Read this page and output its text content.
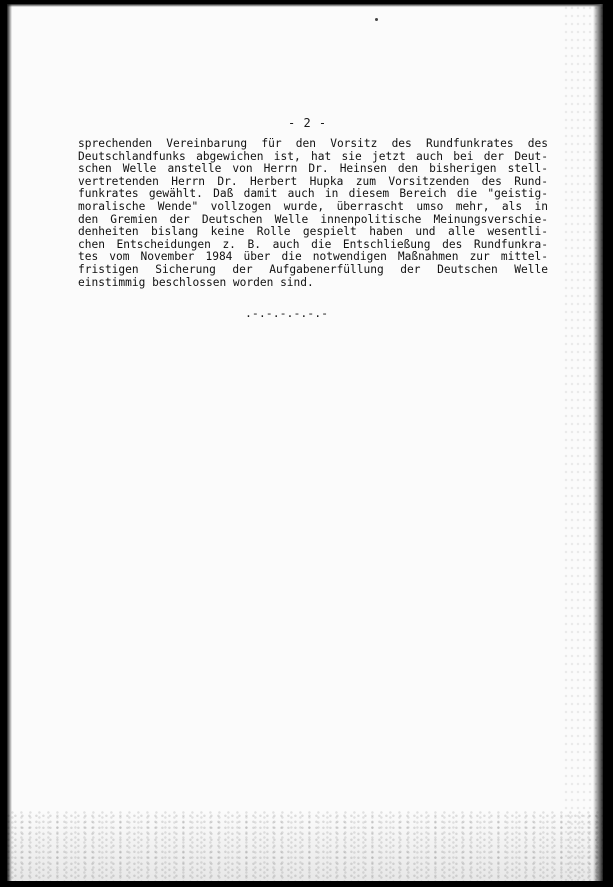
- 2 -
sprechenden Vereinbarung für den Vorsitz des Rundfunkrates des
Deutschlandfunks abgewichen ist, hat sie jetzt auch bei der Deut-
schen Welle anstelle von Herrn Dr. Heinsen den bisherigen stell-
vertretenden Herrn Dr. Herbert Hupka zum Vorsitzenden des Rund-
funkrates gewählt. Daß damit auch in diesem Bereich die "geistig-
moralische Wende" vollzogen wurde, überrascht umso mehr, als in
den Gremien der Deutschen Welle innenpolitische Meinungsverschie-
denheiten bislang keine Rolle gespielt haben und alle wesentli-
chen Entscheidungen z. B. auch die Entschließung des Rundfunkra-
tes vom November 1984 über die notwendigen Maßnahmen zur mittel-
fristigen Sicherung der Aufgabenerfüllung der Deutschen Welle
einstimmig beschlossen worden sind.
.-.-.-.-.-.-
